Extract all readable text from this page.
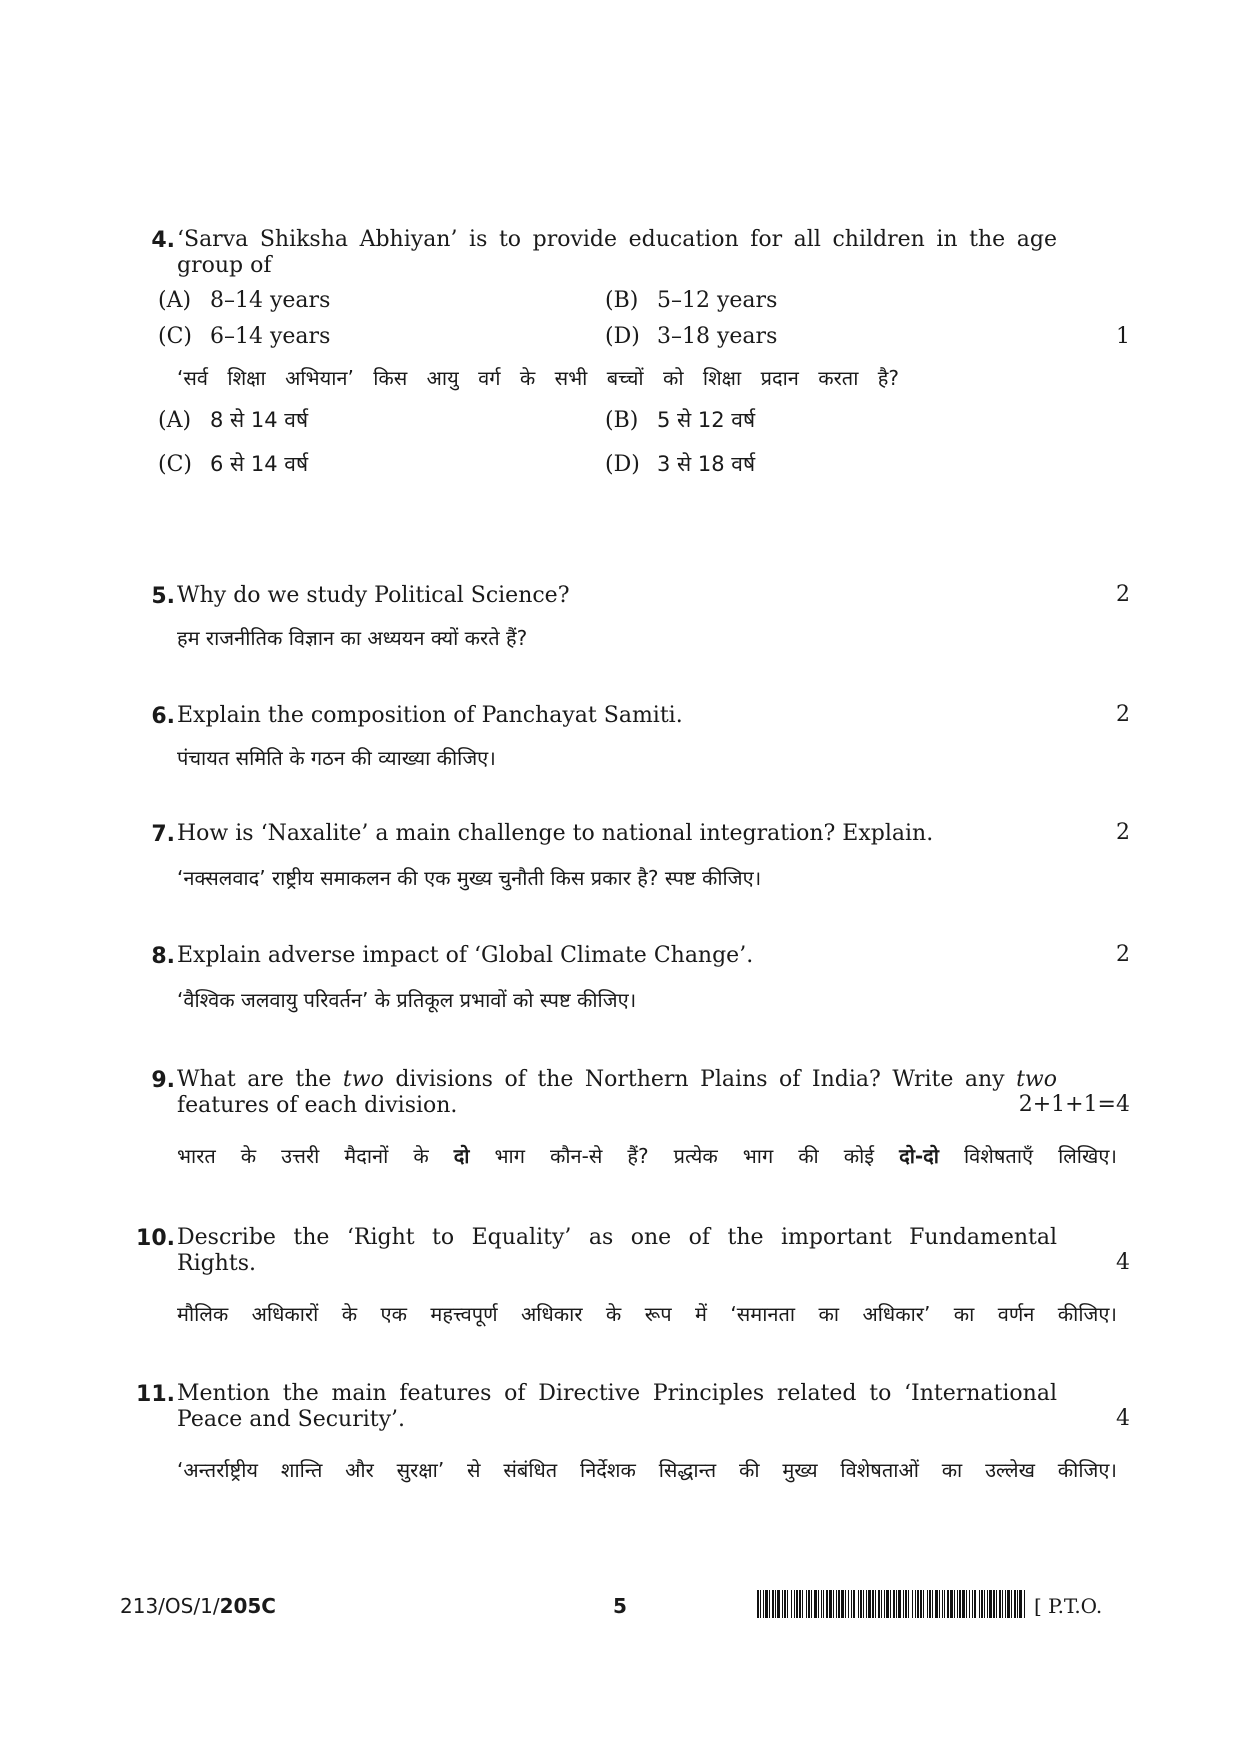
4. ‘Sarva Shiksha Abhiyan’ is to provide education for all children in the age
group of
(A) 8–14 years	(B) 5–12 years
(C) 6–14 years	(D) 3–18 years	1
‘सर्व शिक्षा अभियान’ किस आयु वर्ग के सभी बच्चों को शिक्षा प्रदान करता है?
(A) 8 से 14 वर्ष	(B) 5 से 12 वर्ष
(C) 6 से 14 वर्ष	(D) 3 से 18 वर्ष
5. Why do we study Political Science?	2
हम राजनीतिक विज्ञान का अध्ययन क्यों करते हैं?
6. Explain the composition of Panchayat Samiti.	2
पंचायत समिति के गठन की व्याख्या कीजिए।
7. How is ‘Naxalite’ a main challenge to national integration? Explain.	2
‘नक्सलवाद’ राष्ट्रीय समाकलन की एक मुख्य चुनौती किस प्रकार है? स्पष्ट कीजिए।
8. Explain adverse impact of ‘Global Climate Change’.	2
‘वैश्विक जलवायु परिवर्तन’ के प्रतिकूल प्रभावों को स्पष्ट कीजिए।
9. What are the two divisions of the Northern Plains of India? Write any two
features of each division.	2+1+1=4
भारत के उत्तरी मैदानों के दो भाग कौन-से हैं? प्रत्येक भाग की कोई दो-दो विशेषताएँ लिखिए।
10. Describe the ‘Right to Equality’ as one of the important Fundamental
Rights.	4
मौलिक अधिकारों के एक महत्त्वपूर्ण अधिकार के रूप में ‘समानता का अधिकार’ का वर्णन कीजिए।
11. Mention the main features of Directive Principles related to ‘International
Peace and Security’.	4
‘अन्तर्राष्ट्रीय शान्ति और सुरक्षा’ से संबंधित निर्देशक सिद्धान्त की मुख्य विशेषताओं का उल्लेख कीजिए।
213/OS/1/205C	5	[ P.T.O.
